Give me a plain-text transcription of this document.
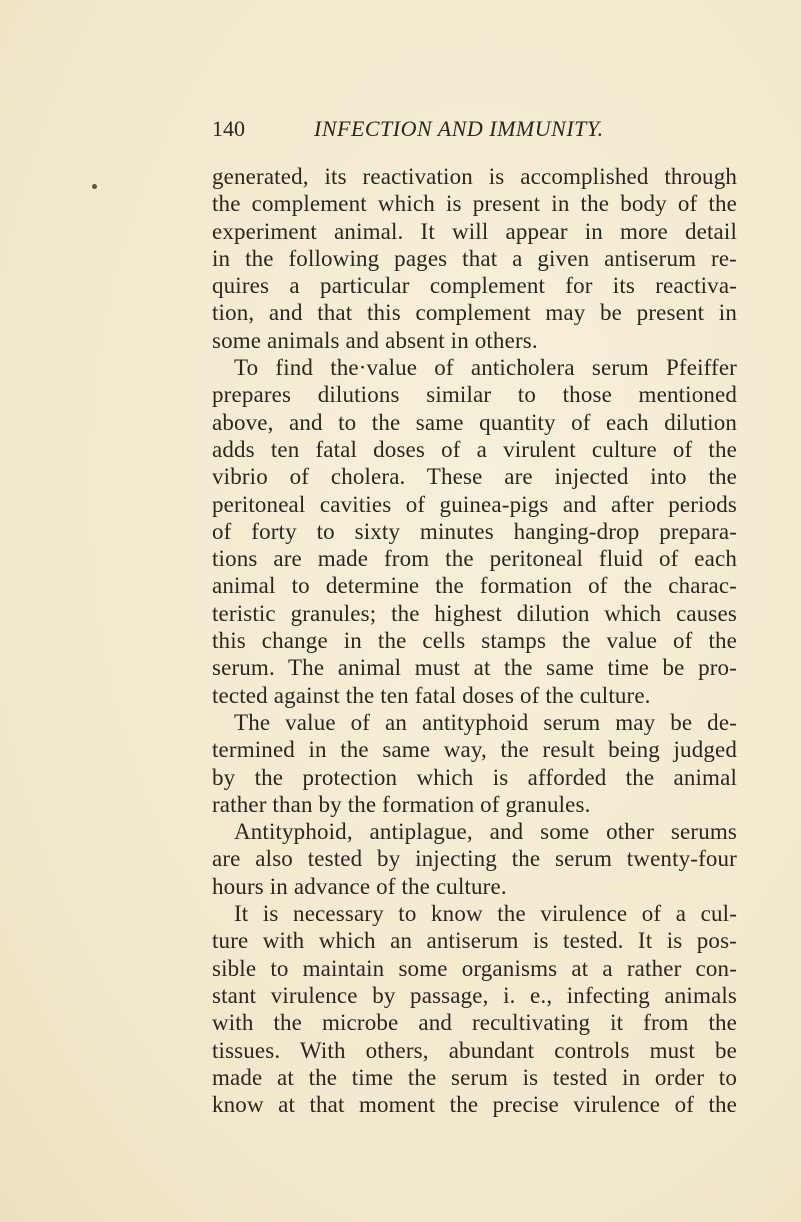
140	INFECTION AND IMMUNITY.
generated, its reactivation is accomplished through
the complement which is present in the body of the
experiment animal. It will appear in more detail
in the following pages that a given antiserum re-
quires a particular complement for its reactiva-
tion, and that this complement may be present in
some animals and absent in others.
To find the·value of anticholera serum Pfeiffer
prepares dilutions similar to those mentioned
above, and to the same quantity of each dilution
adds ten fatal doses of a virulent culture of the
vibrio of cholera. These are injected into the
peritoneal cavities of guinea-pigs and after periods
of forty to sixty minutes hanging-drop prepara-
tions are made from the peritoneal fluid of each
animal to determine the formation of the charac-
teristic granules; the highest dilution which causes
this change in the cells stamps the value of the
serum. The animal must at the same time be pro-
tected against the ten fatal doses of the culture.
The value of an antityphoid serum may be de-
termined in the same way, the result being judged
by the protection which is afforded the animal
rather than by the formation of granules.
Antityphoid, antiplague, and some other serums
are also tested by injecting the serum twenty-four
hours in advance of the culture.
It is necessary to know the virulence of a cul-
ture with which an antiserum is tested. It is pos-
sible to maintain some organisms at a rather con-
stant virulence by passage, i. e., infecting animals
with the microbe and recultivating it from the
tissues. With others, abundant controls must be
made at the time the serum is tested in order to
know at that moment the precise virulence of the
